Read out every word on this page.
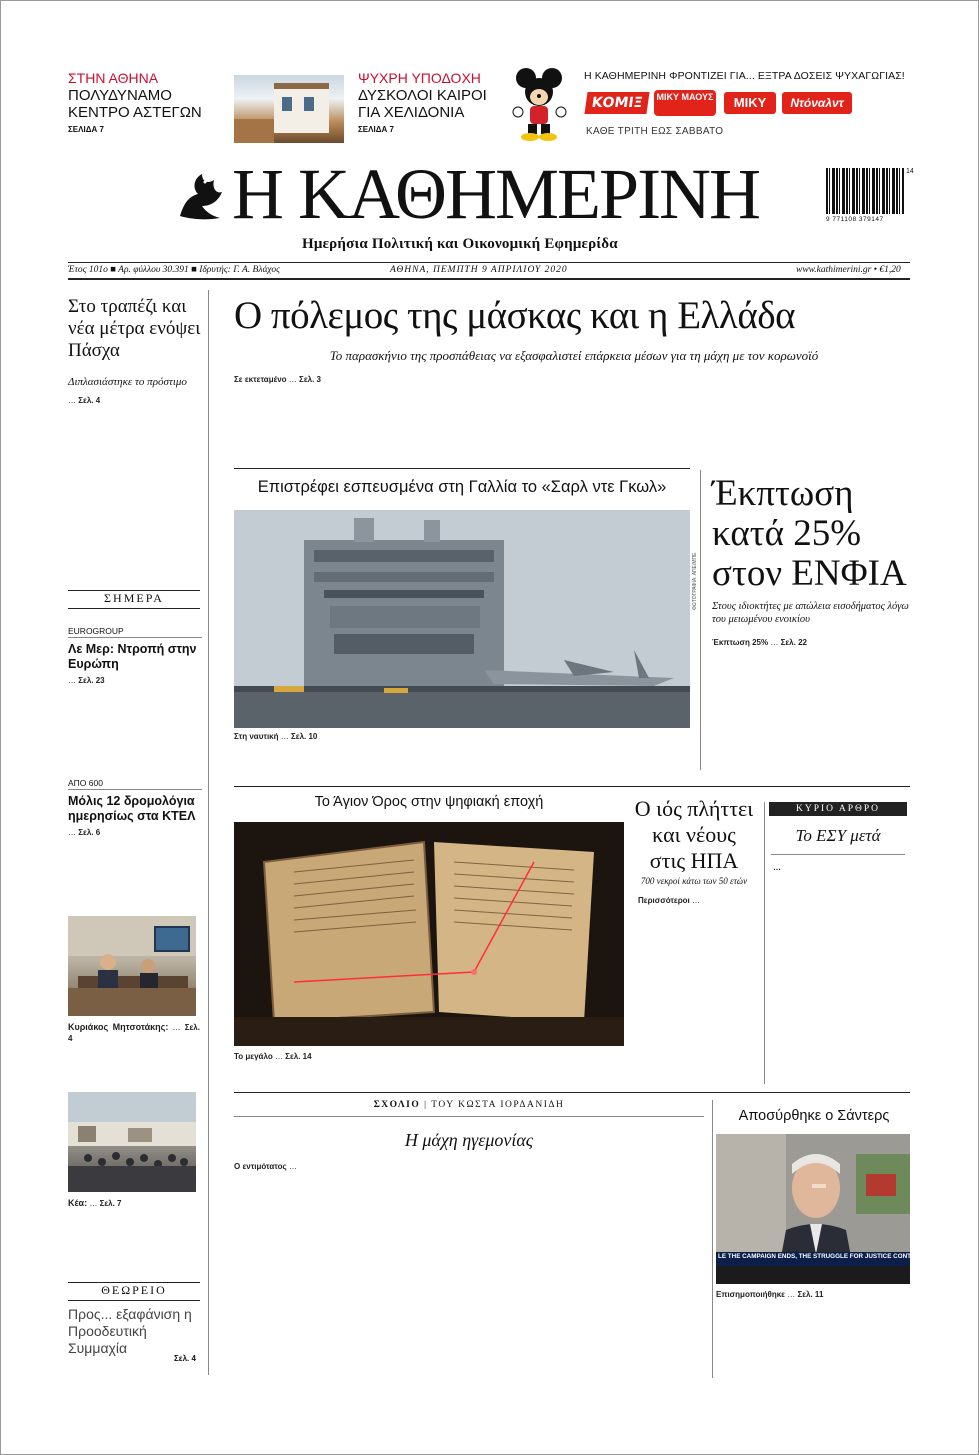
ΣΤΗΝ ΑΘΗΝΑ
ΠΟΛΥΔΥΝΑΜΟ
ΚΕΝΤΡΟ ΑΣΤΕΓΩΝ
ΣΕΛΙΔΑ 7
ΨΥΧΡΗ ΥΠΟΔΟΧΗ
ΔΥΣΚΟΛΟΙ ΚΑΙΡΟΙ
ΓΙΑ ΧΕΛΙΔΟΝΙΑ
ΣΕΛΙΔΑ 7
Η ΚΑΘΗΜΕΡΙΝΗ ΦΡΟΝΤΙΖΕΙ ΓΙΑ... ΕΞΤΡΑ ΔΟΣΕΙΣ ΨΥΧΑΓΩΓΙΑΣ!
ΚΟΜΙΞ	ΜΙΚΥ ΜΑΟΥΣ	ΜΙΚΥ	Ντόναλντ
ΚΑΘΕ ΤΡΙΤΗ ΕΩΣ ΣΑΒΒΑΤΟ
Η ΚΑΘΗΜΕΡΙΝΗ
Ημερήσια Πολιτική και Οικονομική Εφημερίδα
14
9 771108 379147
Έτος 101ο ■ Αρ. φύλλου 30.391 ■ Ιδρυτής: Γ. Α. Βλάχος	ΑΘΗΝΑ, ΠΕΜΠΤΗ 9 ΑΠΡΙΛΙΟΥ 2020	www.kathimerini.gr • €1,20
Στο τραπέζι και νέα μέτρα ενόψει Πάσχα
Διπλασιάστηκε το πρόστιμο
… Σελ. 4
ΣΗΜΕΡΑ
EUROGROUP
Λε Μερ: Ντροπή στην Ευρώπη
… Σελ. 23
ΑΠΟ 600
Μόλις 12 δρομολόγια ημερησίως στα ΚΤΕΛ
… Σελ. 6
Κυριάκος Μητσοτάκης: … Σελ. 4
Κέα: … Σελ. 7
ΘΕΩΡΕΙΟ
Προς... εξαφάνιση η Προοδευτική Συμμαχία
Σελ. 4
Ο πόλεμος της μάσκας και η Ελλάδα
Το παρασκήνιο της προσπάθειας να εξασφαλιστεί επάρκεια μέσων για τη μάχη με τον κορωνοϊό
Σε εκτεταμένο … Σελ. 3
Επιστρέφει εσπευσμένα στη Γαλλία το «Σαρλ ντε Γκωλ»
ΦΩΤΟΓΡΑΦΙΑ: ΑΠΕ/ΜΠΕ
Στη ναυτική … Σελ. 10
Έκπτωση
κατά 25%
στον ΕΝΦΙΑ
Στους ιδιοκτήτες με απώλεια εισοδήματος λόγω του μειωμένου ενοικίου
Έκπτωση 25% … Σελ. 22
Το Άγιον Όρος στην ψηφιακή εποχή
Το μεγάλο … Σελ. 14
Ο ιός πλήττει
και νέους
στις ΗΠΑ
700 νεκροί κάτω των 50 ετών
Περισσότεροι …
ΚΥΡΙΟ ΑΡΘΡΟ
Το ΕΣΥ μετά
…
ΣΧΟΛΙΟ | ΤΟΥ ΚΩΣΤΑ ΙΟΡΔΑΝΙΔΗ
Η μάχη ηγεμονίας
Ο εντιμότατος …
Αποσύρθηκε ο Σάντερς
LE THE CAMPAIGN ENDS, THE STRUGGLE FOR JUSTICE CONTINUES
Επισημοποιήθηκε … Σελ. 11
